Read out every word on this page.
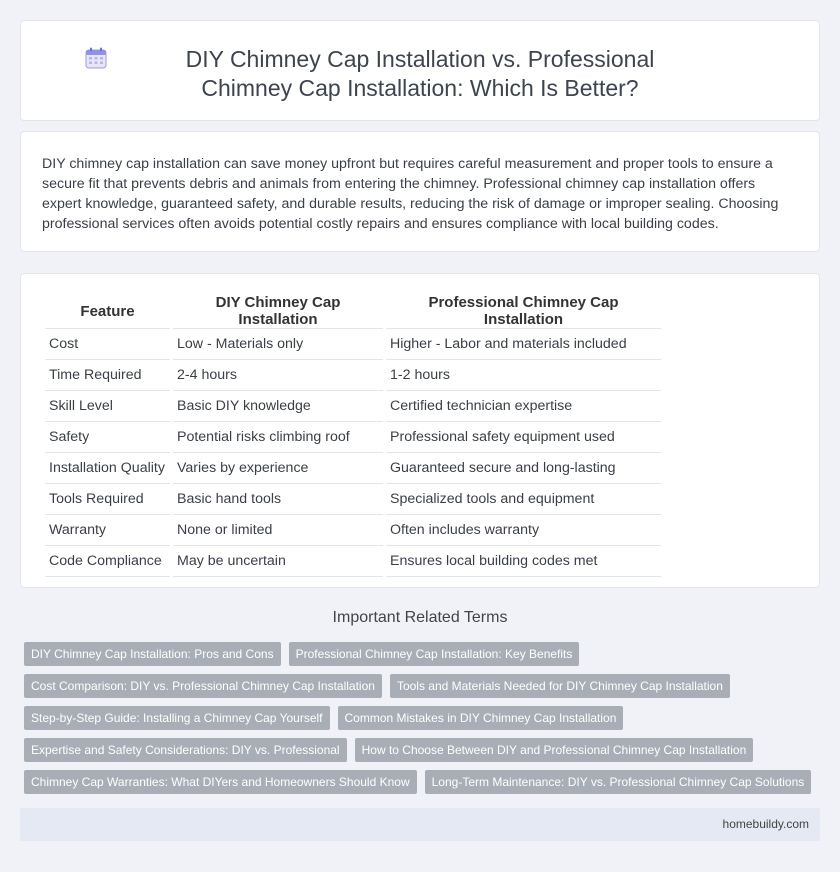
DIY Chimney Cap Installation vs. Professional Chimney Cap Installation: Which Is Better?

DIY chimney cap installation can save money upfront but requires careful measurement and proper tools to ensure a secure fit that prevents debris and animals from entering the chimney. Professional chimney cap installation offers expert knowledge, guaranteed safety, and durable results, reducing the risk of damage or improper sealing. Choosing professional services often avoids potential costly repairs and ensures compliance with local building codes.

Feature	DIY Chimney Cap Installation	Professional Chimney Cap Installation
Cost	Low - Materials only	Higher - Labor and materials included
Time Required	2-4 hours	1-2 hours
Skill Level	Basic DIY knowledge	Certified technician expertise
Safety	Potential risks climbing roof	Professional safety equipment used
Installation Quality	Varies by experience	Guaranteed secure and long-lasting
Tools Required	Basic hand tools	Specialized tools and equipment
Warranty	None or limited	Often includes warranty
Code Compliance	May be uncertain	Ensures local building codes met
Important Related Terms
DIY Chimney Cap Installation: Pros and Cons	Professional Chimney Cap Installation: Key Benefits
Cost Comparison: DIY vs. Professional Chimney Cap Installation	Tools and Materials Needed for DIY Chimney Cap Installation
Step-by-Step Guide: Installing a Chimney Cap Yourself	Common Mistakes in DIY Chimney Cap Installation
Expertise and Safety Considerations: DIY vs. Professional	How to Choose Between DIY and Professional Chimney Cap Installation
Chimney Cap Warranties: What DIYers and Homeowners Should Know	Long-Term Maintenance: DIY vs. Professional Chimney Cap Solutions
homebuildy.com
